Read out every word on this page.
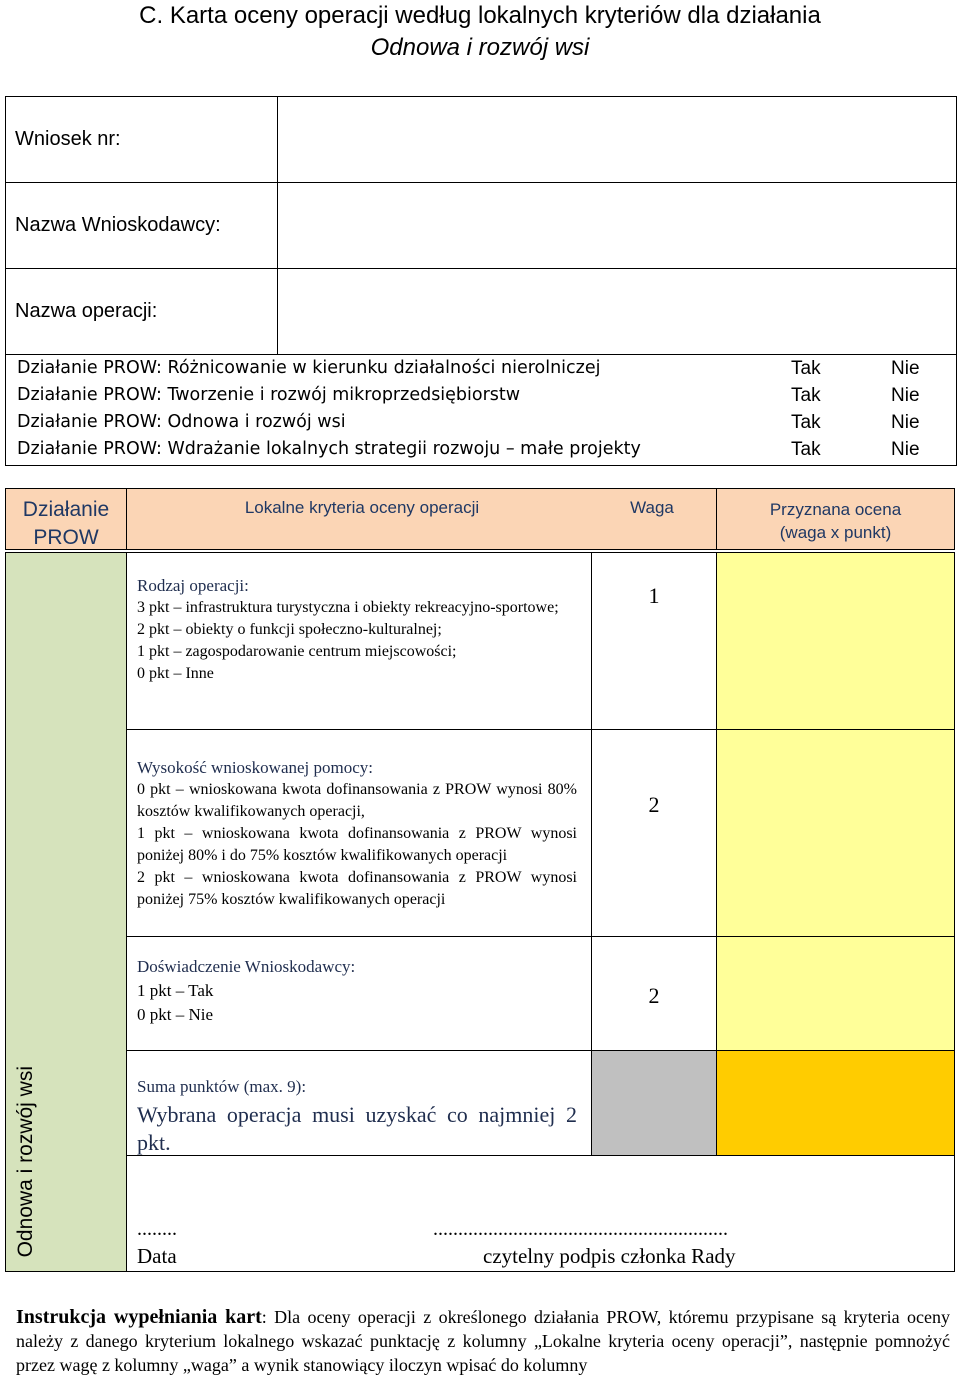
C. Karta oceny operacji według lokalnych kryteriów dla działania
Odnowa i rozwój wsi
Wniosek nr:
Nazwa Wnioskodawcy:
Nazwa operacji:
Działanie PROW: Różnicowanie w kierunku działalności nierolniczej	Tak	Nie
Działanie PROW: Tworzenie i rozwój mikroprzedsiębiorstw	Tak	Nie
Działanie PROW: Odnowa i rozwój wsi	Tak	Nie
Działanie PROW: Wdrażanie lokalnych strategii rozwoju – małe projekty	Tak	Nie
Działanie
PROW
Lokalne kryteria oceny operacji	Waga	Przyznana ocena
(waga x punkt)
Odnowa i rozwój wsi
Rodzaj operacji:
3 pkt – infrastruktura turystyczna i obiekty rekreacyjno-sportowe;
2 pkt – obiekty o funkcji społeczno-kulturalnej;
1 pkt – zagospodarowanie centrum miejscowości;
0 pkt – Inne
1
Wysokość wnioskowanej pomocy:
0 pkt – wnioskowana kwota dofinansowania z PROW wynosi 80% kosztów kwalifikowanych operacji,
1 pkt – wnioskowana kwota dofinansowania z PROW wynosi poniżej 80% i do 75% kosztów kwalifikowanych operacji
2 pkt – wnioskowana kwota dofinansowania z PROW wynosi poniżej 75% kosztów kwalifikowanych operacji
2
Doświadczenie Wnioskodawcy:
1 pkt – Tak
0 pkt – Nie
2
Suma punktów (max. 9):
Wybrana operacja musi uzyskać co najmniej 2 pkt.
........
Data
...........................................................
czytelny podpis członka Rady
Instrukcja wypełniania kart: Dla oceny operacji z określonego działania PROW, któremu przypisane są kryteria oceny należy z danego kryterium lokalnego wskazać punktację z kolumny „Lokalne kryteria oceny operacji”, następnie pomnożyć przez wagę z kolumny „waga” a wynik stanowiący iloczyn wpisać do kolumny
